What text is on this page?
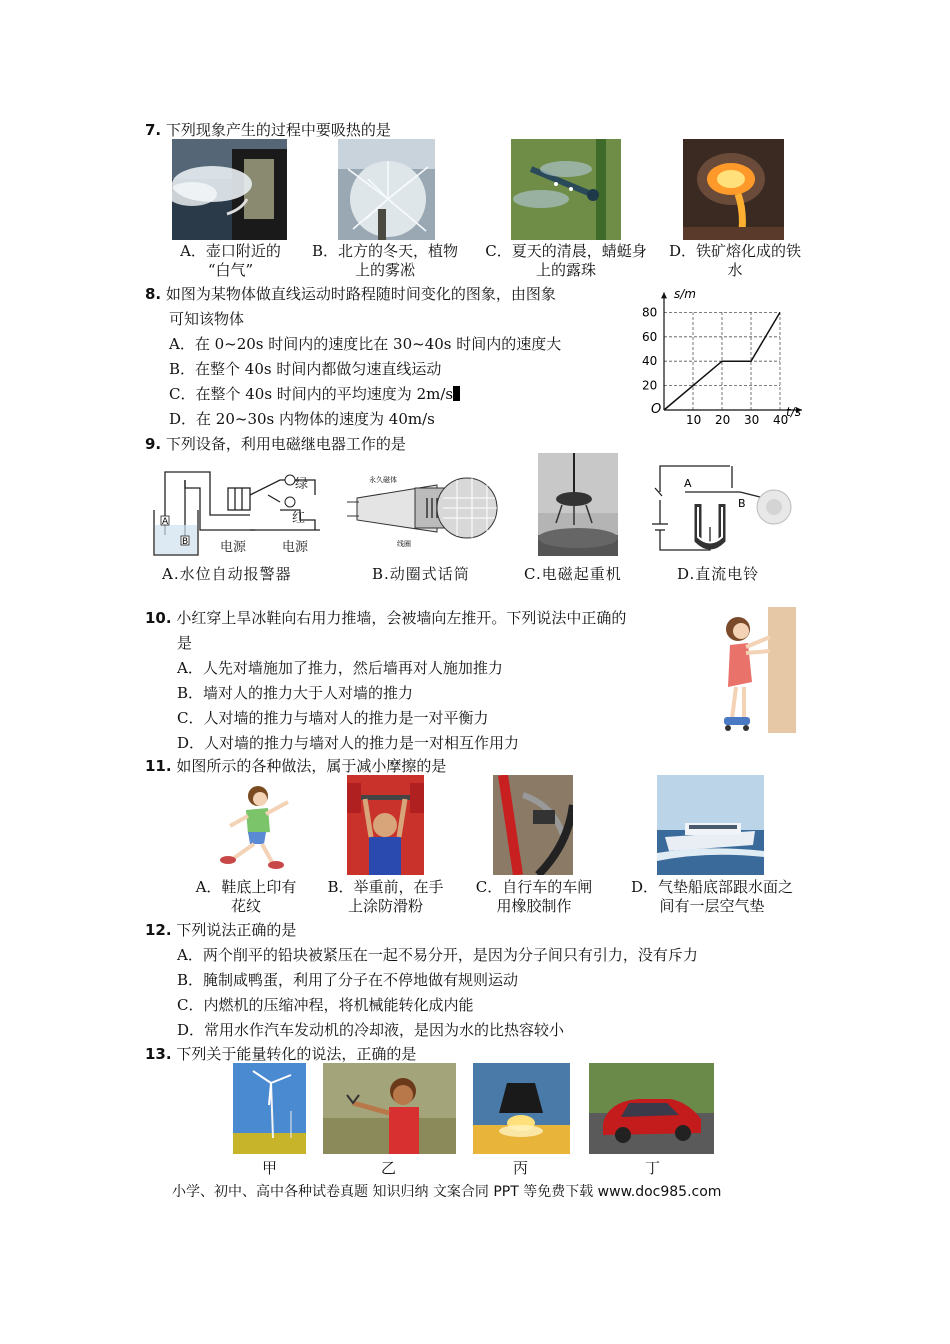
7. 下列现象产生的过程中要吸热的是
A．壶口附近的
“白气”
B．北方的冬天，植物
上的雾凇
C．夏天的清晨，蜻蜓身
上的露珠
D．铁矿熔化成的铁
水
8. 如图为某物体做直线运动时路程随时间变化的图象，由图象
可知该物体
A．在 0~20s 时间内的速度比在 30~40s 时间内的速度大
B．在整个 40s 时间内都做匀速直线运动
C．在整个 40s 时间内的平均速度为 2m/s
D．在 20~30s 内物体的速度为 40m/s	10 20 30 40
20
40
60
80
s/m
t/s
O
9. 下列设备，利用电磁继电器工作的是
A
B
绿
红
电源	电源
永久磁体
线圈
A
B
A.水位自动报警器	B.动圈式话筒	C.电磁起重机	D.直流电铃
10. 小红穿上旱冰鞋向右用力推墙，会被墙向左推开。下列说法中正确的
是
A．人先对墙施加了推力，然后墙再对人施加推力
B．墙对人的推力大于人对墙的推力
C．人对墙的推力与墙对人的推力是一对平衡力
D．人对墙的推力与墙对人的推力是一对相互作用力
11. 如图所示的各种做法，属于减小摩擦的是
A．鞋底上印有
花纹
B．举重前，在手
上涂防滑粉
C．自行车的车闸
用橡胶制作
D．气垫船底部跟水面之
间有一层空气垫
12. 下列说法正确的是
A．两个削平的铅块被紧压在一起不易分开，是因为分子间只有引力，没有斥力
B．腌制咸鸭蛋，利用了分子在不停地做有规则运动
C．内燃机的压缩冲程，将机械能转化成内能
D．常用水作汽车发动机的冷却液，是因为水的比热容较小
13. 下列关于能量转化的说法，正确的是
甲	乙	丙	丁
小学、初中、高中各种试卷真题 知识归纳 文案合同 PPT 等免费下载 www.doc985.com
